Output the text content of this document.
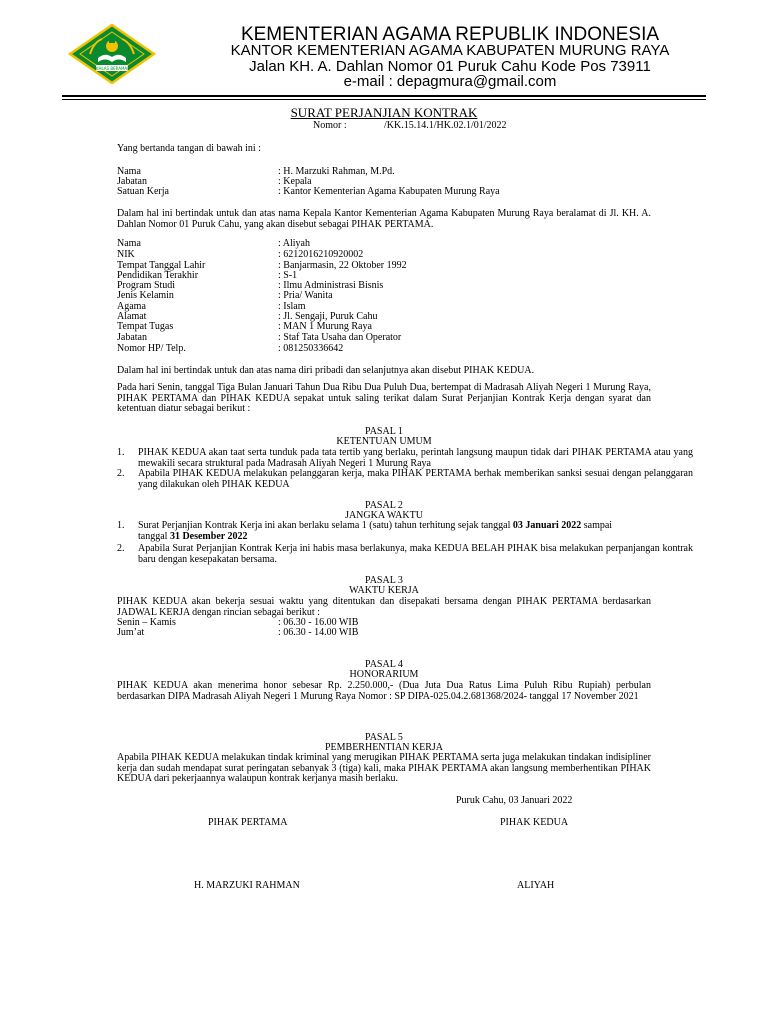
IKHLAS BERAMAL
KEMENTERIAN AGAMA REPUBLIK INDONESIA
KANTOR KEMENTERIAN AGAMA KABUPATEN MURUNG RAYA
Jalan KH. A. Dahlan Nomor 01 Puruk Cahu Kode Pos 73911
e-mail : depagmura@gmail.com
SURAT PERJANJIAN KONTRAK
Nomor :	/KK.15.14.1/HK.02.1/01/2022
Yang bertanda tangan di bawah ini :
Nama	: H. Marzuki Rahman, M.Pd.
Jabatan	: Kepala
Satuan Kerja	: Kantor Kementerian Agama Kabupaten Murung Raya
Dalam hal ini bertindak untuk dan atas nama Kepala Kantor Kementerian Agama Kabupaten Murung Raya beralamat di Jl. KH. A. Dahlan Nomor 01 Puruk Cahu, yang akan disebut sebagai PIHAK PERTAMA.
Nama	: Aliyah
NIK	: 6212016210920002
Tempat Tanggal Lahir	: Banjarmasin, 22 Oktober 1992
Pendidikan Terakhir	: S-1
Program Studi	: Ilmu Administrasi Bisnis
Jenis Kelamin	: Pria/ Wanita
Agama	: Islam
Alamat	: Jl. Sengaji, Puruk Cahu
Tempat Tugas	: MAN 1 Murung Raya
Jabatan	: Staf Tata Usaha dan Operator
Nomor HP/ Telp.	: 081250336642
Dalam hal ini bertindak untuk dan atas nama diri pribadi dan selanjutnya akan disebut PIHAK KEDUA.
Pada hari Senin, tanggal Tiga Bulan Januari Tahun Dua Ribu Dua Puluh Dua, bertempat di Madrasah Aliyah Negeri 1 Murung Raya, PIHAK PERTAMA dan PIHAK KEDUA sepakat untuk saling terikat dalam Surat Perjanjian Kontrak Kerja dengan syarat dan ketentuan diatur sebagai berikut :
PASAL 1
KETENTUAN UMUM
1. PIHAK KEDUA akan taat serta tunduk pada tata tertib yang berlaku, perintah langsung maupun tidak dari PIHAK PERTAMA atau yang mewakili secara struktural pada Madrasah Aliyah Negeri 1 Murung Raya
2. Apabila PIHAK KEDUA melakukan pelanggaran kerja, maka PIHAK PERTAMA berhak memberikan sanksi sesuai dengan pelanggaran yang dilakukan oleh PIHAK KEDUA
PASAL 2
JANGKA WAKTU
1. Surat Perjanjian Kontrak Kerja ini akan berlaku selama 1 (satu) tahun terhitung sejak tanggal 03 Januari 2022 sampai
tanggal 31 Desember 2022
2. Apabila Surat Perjanjian Kontrak Kerja ini habis masa berlakunya, maka KEDUA BELAH PIHAK bisa melakukan perpanjangan kontrak baru dengan kesepakatan bersama.
PASAL 3
WAKTU KERJA
PIHAK KEDUA akan bekerja sesuai waktu yang ditentukan dan disepakati bersama dengan PIHAK PERTAMA berdasarkan JADWAL KERJA dengan rincian sebagai berikut :
Senin – Kamis	: 06.30 - 16.00 WIB
Jum’at	: 06.30 - 14.00 WIB
PASAL 4
HONORARIUM
PIHAK KEDUA akan menerima honor sebesar Rp. 2.250.000,- (Dua Juta Dua Ratus Lima Puluh Ribu Rupiah) perbulan berdasarkan DIPA Madrasah Aliyah Negeri 1 Murung Raya Nomor : SP DIPA-025.04.2.681368/2024- tanggal 17 November 2021
PASAL 5
PEMBERHENTIAN KERJA
Apabila PIHAK KEDUA melakukan tindak kriminal yang merugikan PIHAK PERTAMA serta juga melakukan tindakan indisipliner kerja dan sudah mendapat surat peringatan sebanyak 3 (tiga) kali, maka PIHAK PERTAMA akan langsung memberhentikan PIHAK KEDUA dari pekerjaannya walaupun kontrak kerjanya masih berlaku.
Puruk Cahu, 03 Januari 2022
PIHAK PERTAMA	PIHAK KEDUA
H. MARZUKI RAHMAN	ALIYAH
